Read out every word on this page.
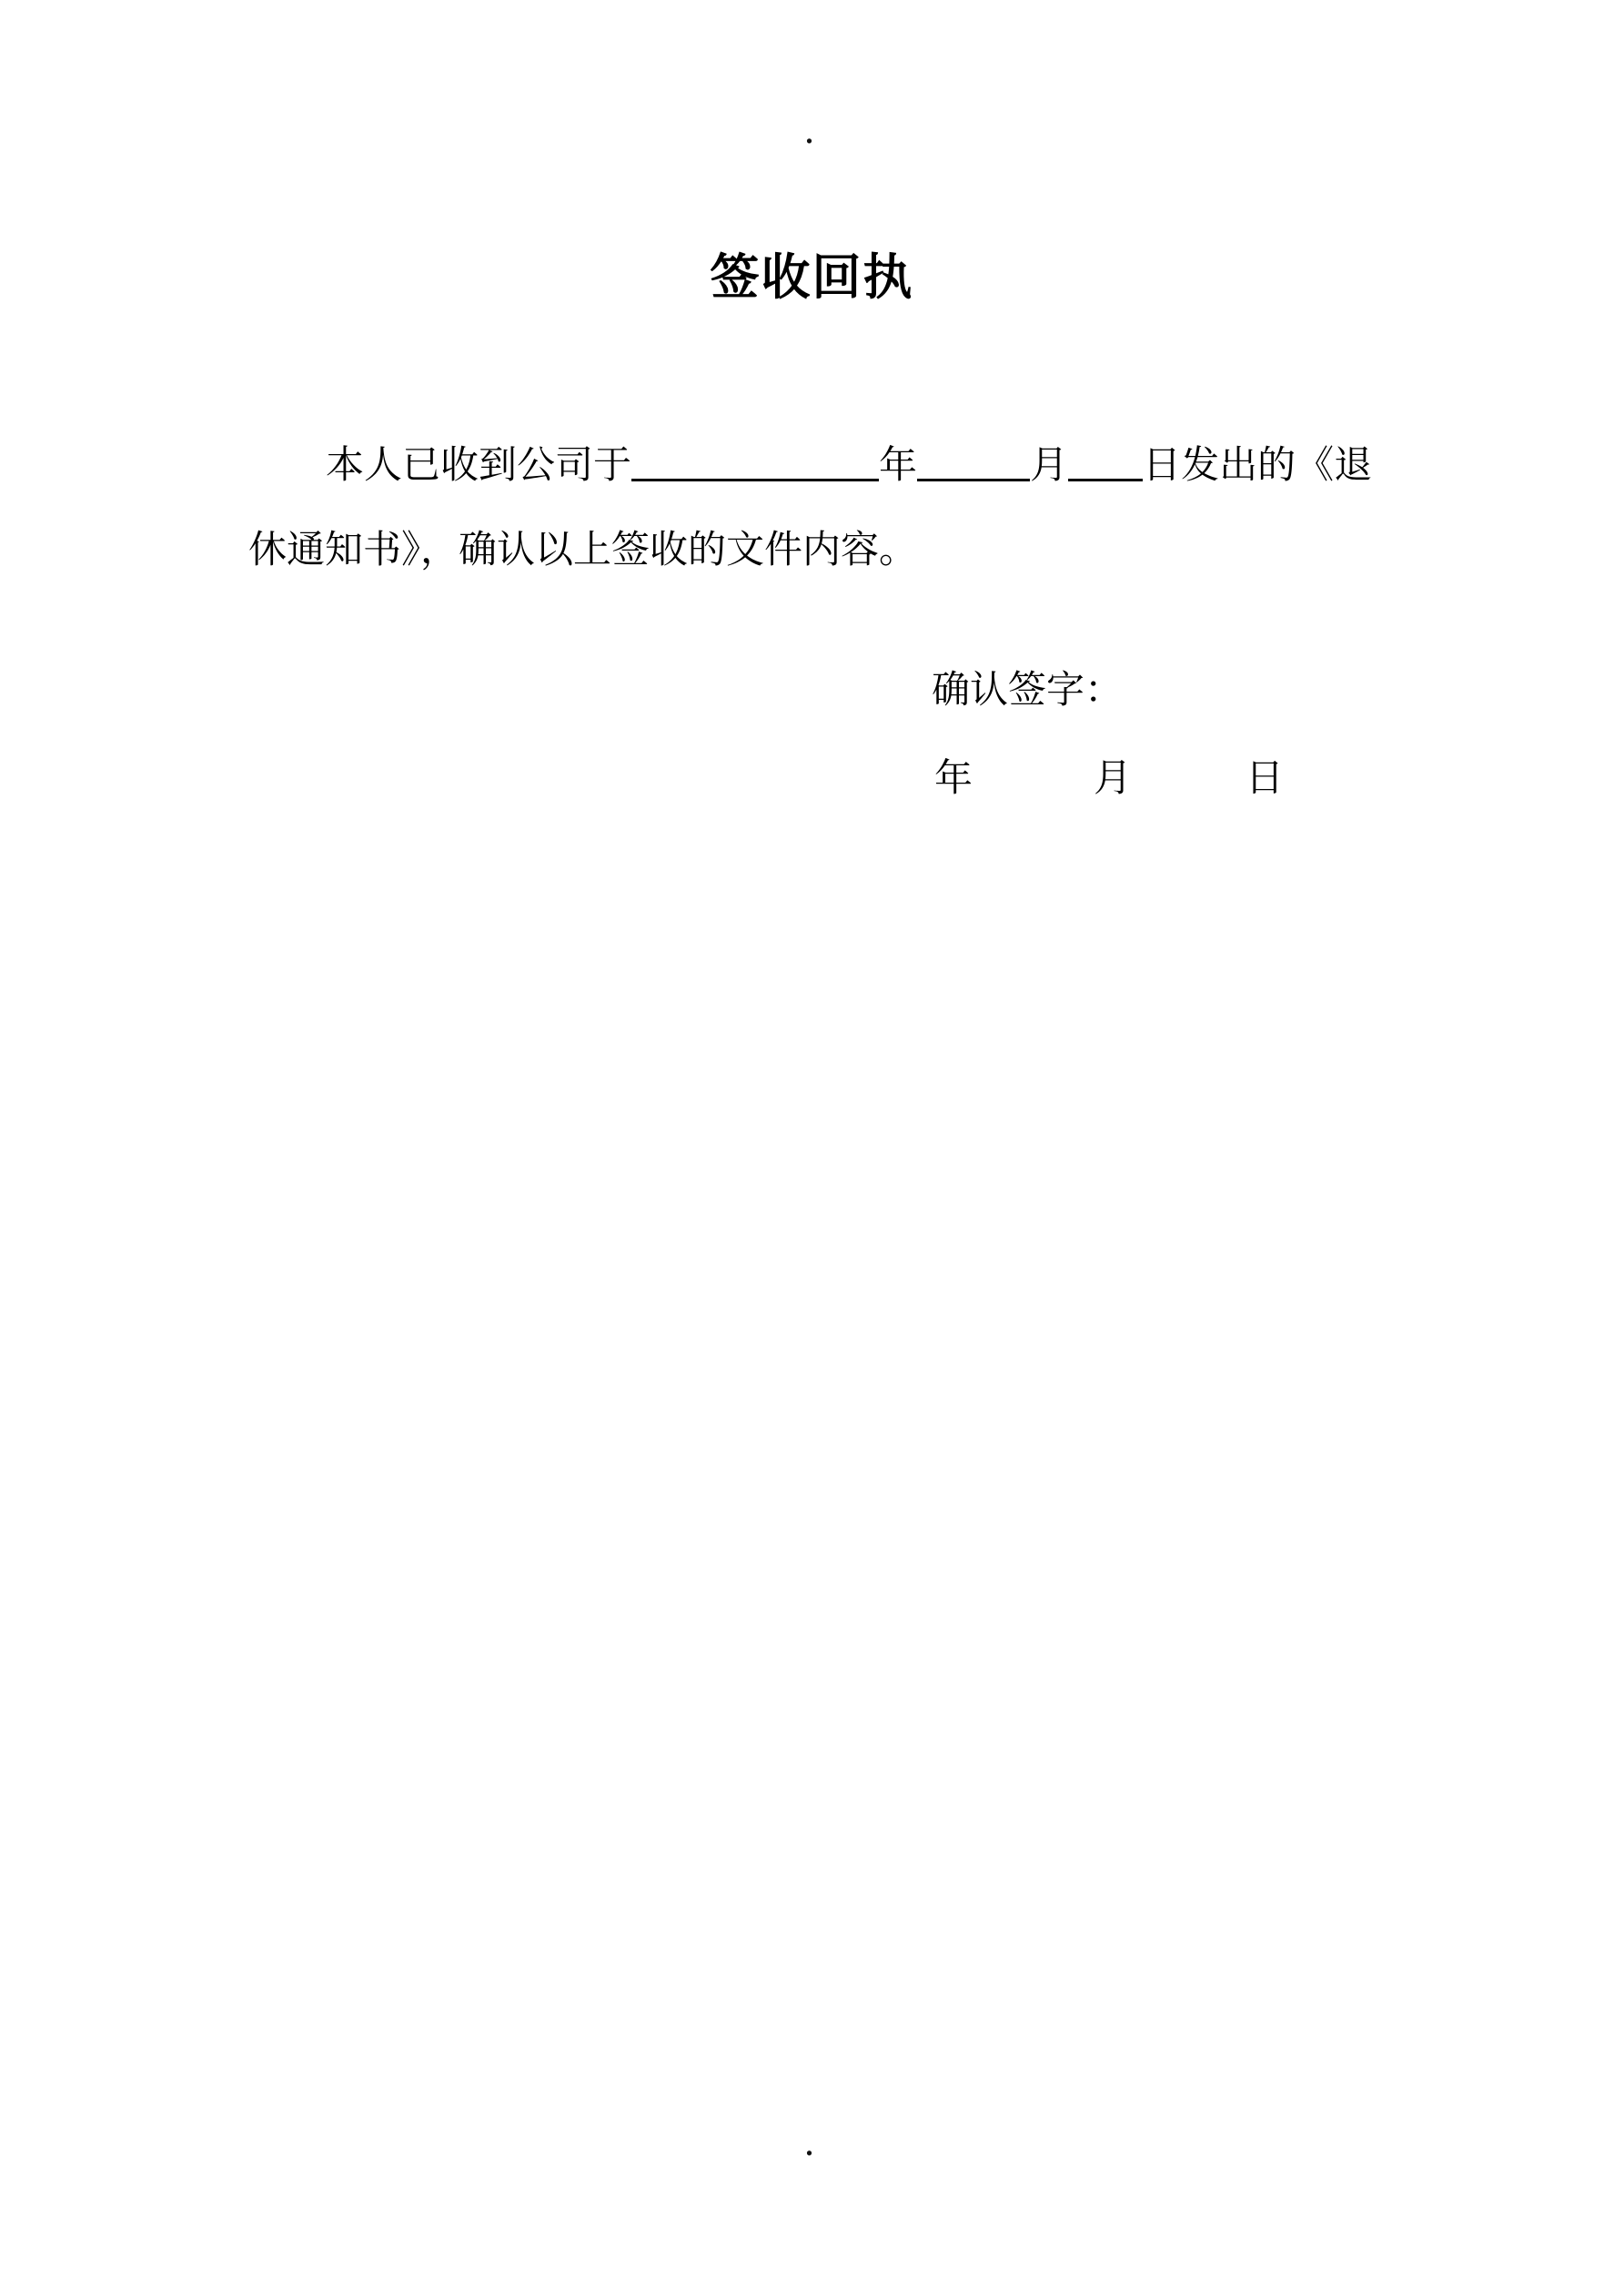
.
签收回执

本人已收到公司于	年	月 日发出的《退休通知书》，确认以上签收的文件内容。

确认签字：
年	月	日
.
